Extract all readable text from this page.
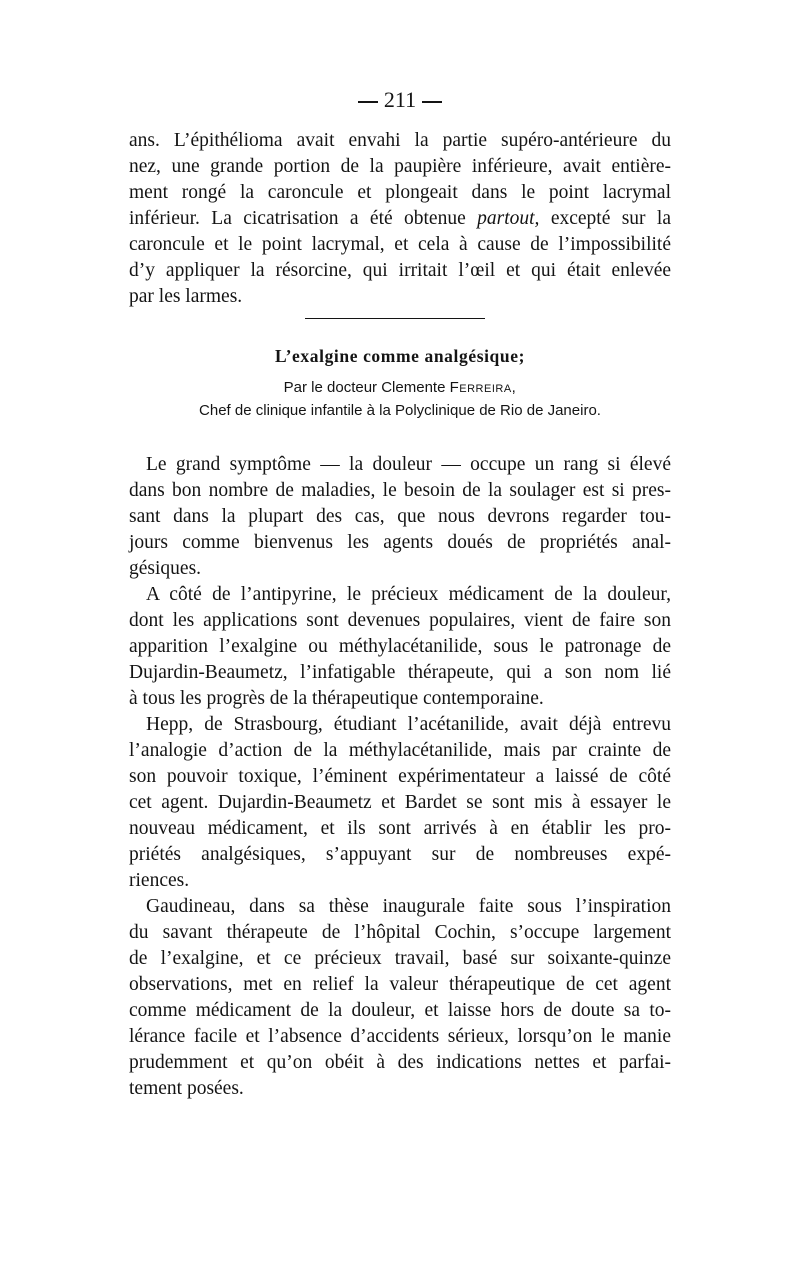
211
ans. L’épithélioma avait envahi la partie supéro-antérieure du
nez, une grande portion de la paupière inférieure, avait entière-
ment rongé la caroncule et plongeait dans le point lacrymal
inférieur. La cicatrisation a été obtenue partout, excepté sur la
caroncule et le point lacrymal, et cela à cause de l’impossibilité
d’y appliquer la résorcine, qui irritait l’œil et qui était enlevée
par les larmes.
L’exalgine comme analgésique;
Par le docteur Clemente Ferreira,
Chef de clinique infantile à la Polyclinique de Rio de Janeiro.
Le grand symptôme — la douleur — occupe un rang si élevé
dans bon nombre de maladies, le besoin de la soulager est si pres-
sant dans la plupart des cas, que nous devrons regarder tou-
jours comme bienvenus les agents doués de propriétés anal-
gésiques.
A côté de l’antipyrine, le précieux médicament de la douleur,
dont les applications sont devenues populaires, vient de faire son
apparition l’exalgine ou méthylacétanilide, sous le patronage de
Dujardin-Beaumetz, l’infatigable thérapeute, qui a son nom lié
à tous les progrès de la thérapeutique contemporaine.
Hepp, de Strasbourg, étudiant l’acétanilide, avait déjà entrevu
l’analogie d’action de la méthylacétanilide, mais par crainte de
son pouvoir toxique, l’éminent expérimentateur a laissé de côté
cet agent. Dujardin-Beaumetz et Bardet se sont mis à essayer le
nouveau médicament, et ils sont arrivés à en établir les pro-
priétés analgésiques, s’appuyant sur de nombreuses expé-
riences.
Gaudineau, dans sa thèse inaugurale faite sous l’inspiration
du savant thérapeute de l’hôpital Cochin, s’occupe largement
de l’exalgine, et ce précieux travail, basé sur soixante-quinze
observations, met en relief la valeur thérapeutique de cet agent
comme médicament de la douleur, et laisse hors de doute sa to-
lérance facile et l’absence d’accidents sérieux, lorsqu’on le manie
prudemment et qu’on obéit à des indications nettes et parfai-
tement posées.
